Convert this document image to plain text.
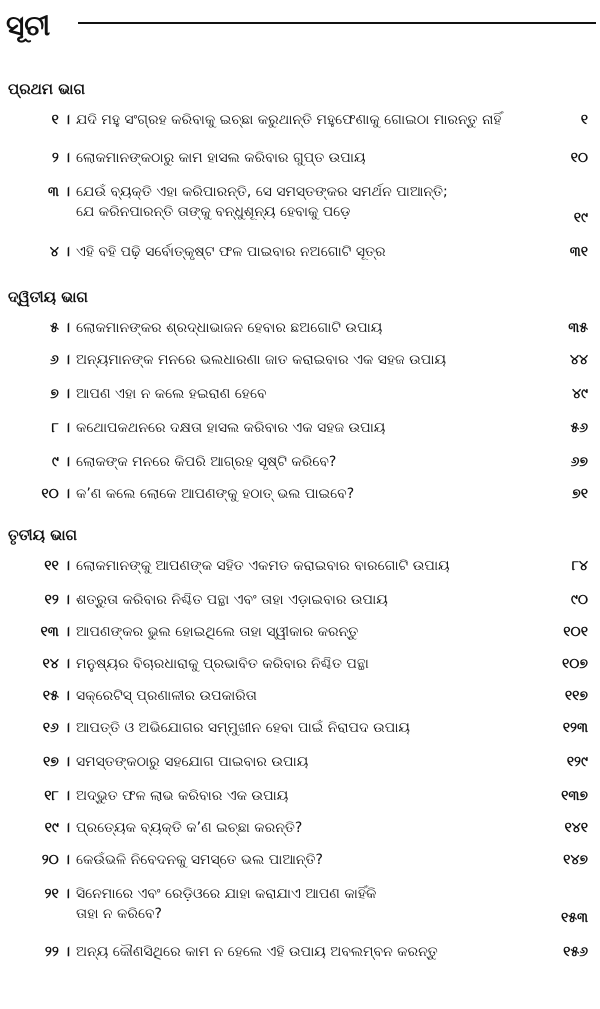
ସୂଚୀ
ପ୍ରଥମ ଭାଗ
୧ । ଯଦି ମହୁ ସଂଗ୍ରହ କରିବାକୁ ଇଚ୍ଛା କରୁଥାନ୍ତି ମହୁଫେଣାକୁ ଗୋଇଠା ମାରନ୍ତୁ ନାହିଁ	୧
୨ । ଲୋକମାନଙ୍କଠାରୁ କାମ ହାସଲ କରିବାର ଗୁପ୍ତ ଉପାୟ	୧୦
୩ । ଯେଉଁ ବ୍ୟକ୍ତି ଏହା କରିପାରନ୍ତି, ସେ ସମସ୍ତଙ୍କର ସମର୍ଥନ ପାଆନ୍ତି;
ଯେ କରିନପାରନ୍ତି ତାଙ୍କୁ ବନ୍ଧୁଶୂନ୍ୟ ହେବାକୁ ପଡ଼େ	୧୯
୪ । ଏହି ବହି ପଢ଼ି ସର୍ବୋତ୍କୃଷ୍ଟ ଫଳ ପାଇବାର ନଅଗୋଟି ସୂତ୍ର	୩୧
ଦ୍ୱିତୀୟ ଭାଗ
୫ । ଲୋକମାନଙ୍କର ଶ୍ରଦ୍ଧାଭାଜନ ହେବାର ଛଅଗୋଟି ଉପାୟ	୩୫
୬ । ଅନ୍ୟମାନଙ୍କ ମନରେ ଭଲଧାରଣା ଜାତ କରାଇବାର ଏକ ସହଜ ଉପାୟ	୪୪
୭ । ଆପଣ ଏହା ନ କଲେ ହଇରାଣ ହେବେ	୪୯
୮ । କଥୋପକଥନରେ ଦକ୍ଷତା ହାସଲ କରିବାର ଏକ ସହଜ ଉପାୟ	୫୬
୯ । ଲୋକଙ୍କ ମନରେ କିପରି ଆଗ୍ରହ ସୃଷ୍ଟି କରିବେ?	୬୭
୧୦ । କ’ଣ କଲେ ଲୋକେ ଆପଣଙ୍କୁ ହଠାତ୍ ଭଲ ପାଇବେ?	୭୧
ତୃତୀୟ ଭାଗ
୧୧ । ଲୋକମାନଙ୍କୁ ଆପଣଙ୍କ ସହିତ ଏକମତ କରାଇବାର ବାରଗୋଟି ଉପାୟ	୮୪
୧୨ । ଶତ୍ରୁତା କରିବାର ନିଶ୍ଚିତ ପନ୍ଥା ଏବଂ ତାହା ଏଡ଼ାଇବାର ଉପାୟ	୯୦
୧୩ । ଆପଣଙ୍କର ଭୁଲ ହୋଇଥିଲେ ତାହା ସ୍ୱୀକାର କରନ୍ତୁ	୧୦୧
୧୪ । ମନୁଷ୍ୟର ବିଚାରଧାରାକୁ ପ୍ରଭାବିତ କରିବାର ନିଶ୍ଚିତ ପନ୍ଥା	୧୦୭
୧୫ । ସକ୍ରେଟିସ୍ ପ୍ରଣାଳୀର ଉପକାରିତା	୧୧୭
୧୬ । ଆପତ୍ତି ଓ ଅଭିଯୋଗର ସମ୍ମୁଖୀନ ହେବା ପାଇଁ ନିରାପଦ ଉପାୟ	୧୨୩
୧୭ । ସମସ୍ତଙ୍କଠାରୁ ସହଯୋଗ ପାଇବାର ଉପାୟ	୧୨୯
୧୮ । ଅଦ୍ଭୁତ ଫଳ ଲାଭ କରିବାର ଏକ ଉପାୟ	୧୩୭
୧୯ । ପ୍ରତ୍ୟେକ ବ୍ୟକ୍ତି କ’ଣ ଇଚ୍ଛା କରନ୍ତି?	୧୪୧
୨୦ । କେଉଁଭଳି ନିବେଦନକୁ ସମସ୍ତେ ଭଲ ପାଆନ୍ତି?	୧୪୭
୨୧ । ସିନେମାରେ ଏବଂ ରେଡ଼ିଓରେ ଯାହା କରାଯାଏ ଆପଣ କାହିଁକି
ତାହା ନ କରିବେ?	୧୫୩
୨୨ । ଅନ୍ୟ କୌଣସିଥିରେ କାମ ନ ହେଲେ ଏହି ଉପାୟ ଅବଲମ୍ବନ କରନ୍ତୁ	୧୫୬
